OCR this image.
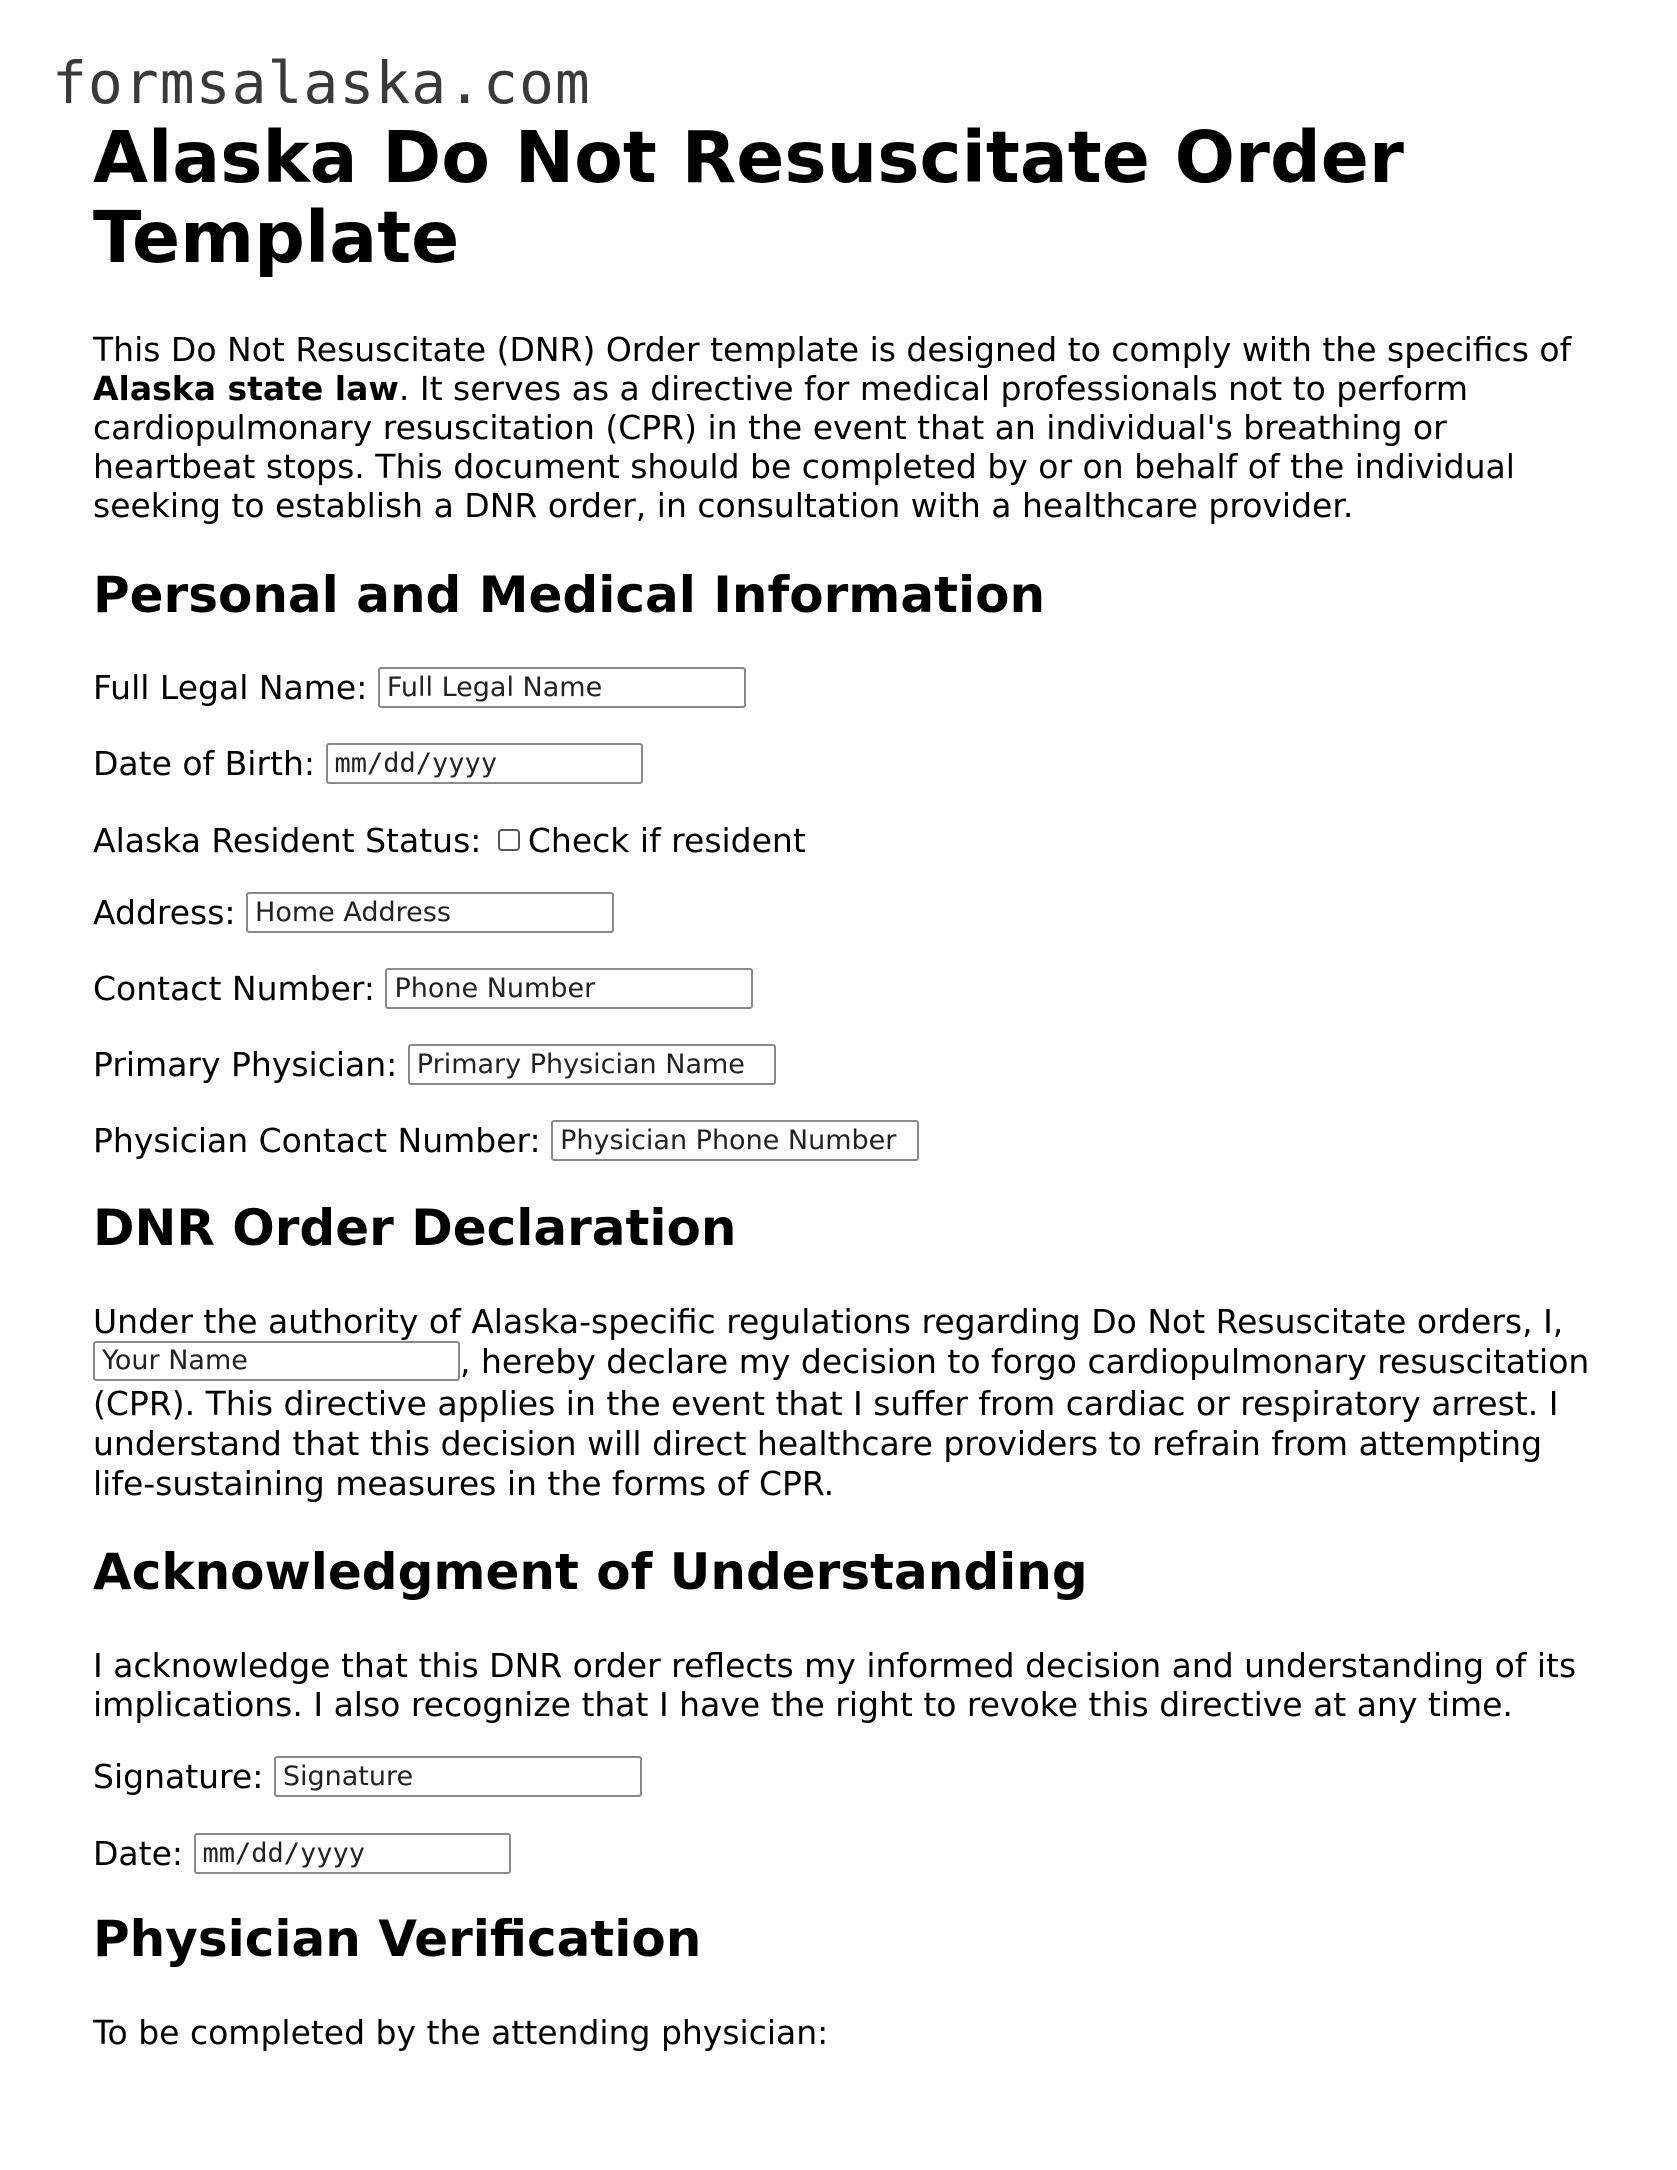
formsalaska.com
Alaska Do Not Resuscitate Order Template

This Do Not Resuscitate (DNR) Order template is designed to comply with the specifics of Alaska state law. It serves as a directive for medical professionals not to perform cardiopulmonary resuscitation (CPR) in the event that an individual's breathing or heartbeat stops. This document should be completed by or on behalf of the individual seeking to establish a DNR order, in consultation with a healthcare provider.

Personal and Medical Information
Full Legal Name: Full Legal Name
Date of Birth: mm/dd/yyyy
Alaska Resident Status: Check if resident
Address: Home Address
Contact Number: Phone Number
Primary Physician: Primary Physician Name
Physician Contact Number: Physician Phone Number
DNR Order Declaration

Under the authority of Alaska-specific regulations regarding Do Not Resuscitate orders, I,
Your Name	, hereby declare my decision to forgo cardiopulmonary resuscitation (CPR). This directive applies in the event that I suffer from cardiac or respiratory arrest. I understand that this decision will direct healthcare providers to refrain from attempting life-sustaining measures in the forms of CPR.

Acknowledgment of Understanding

I acknowledge that this DNR order reflects my informed decision and understanding of its implications. I also recognize that I have the right to revoke this directive at any time.

Signature: Signature
Date: mm/dd/yyyy
Physician Verification

To be completed by the attending physician:
